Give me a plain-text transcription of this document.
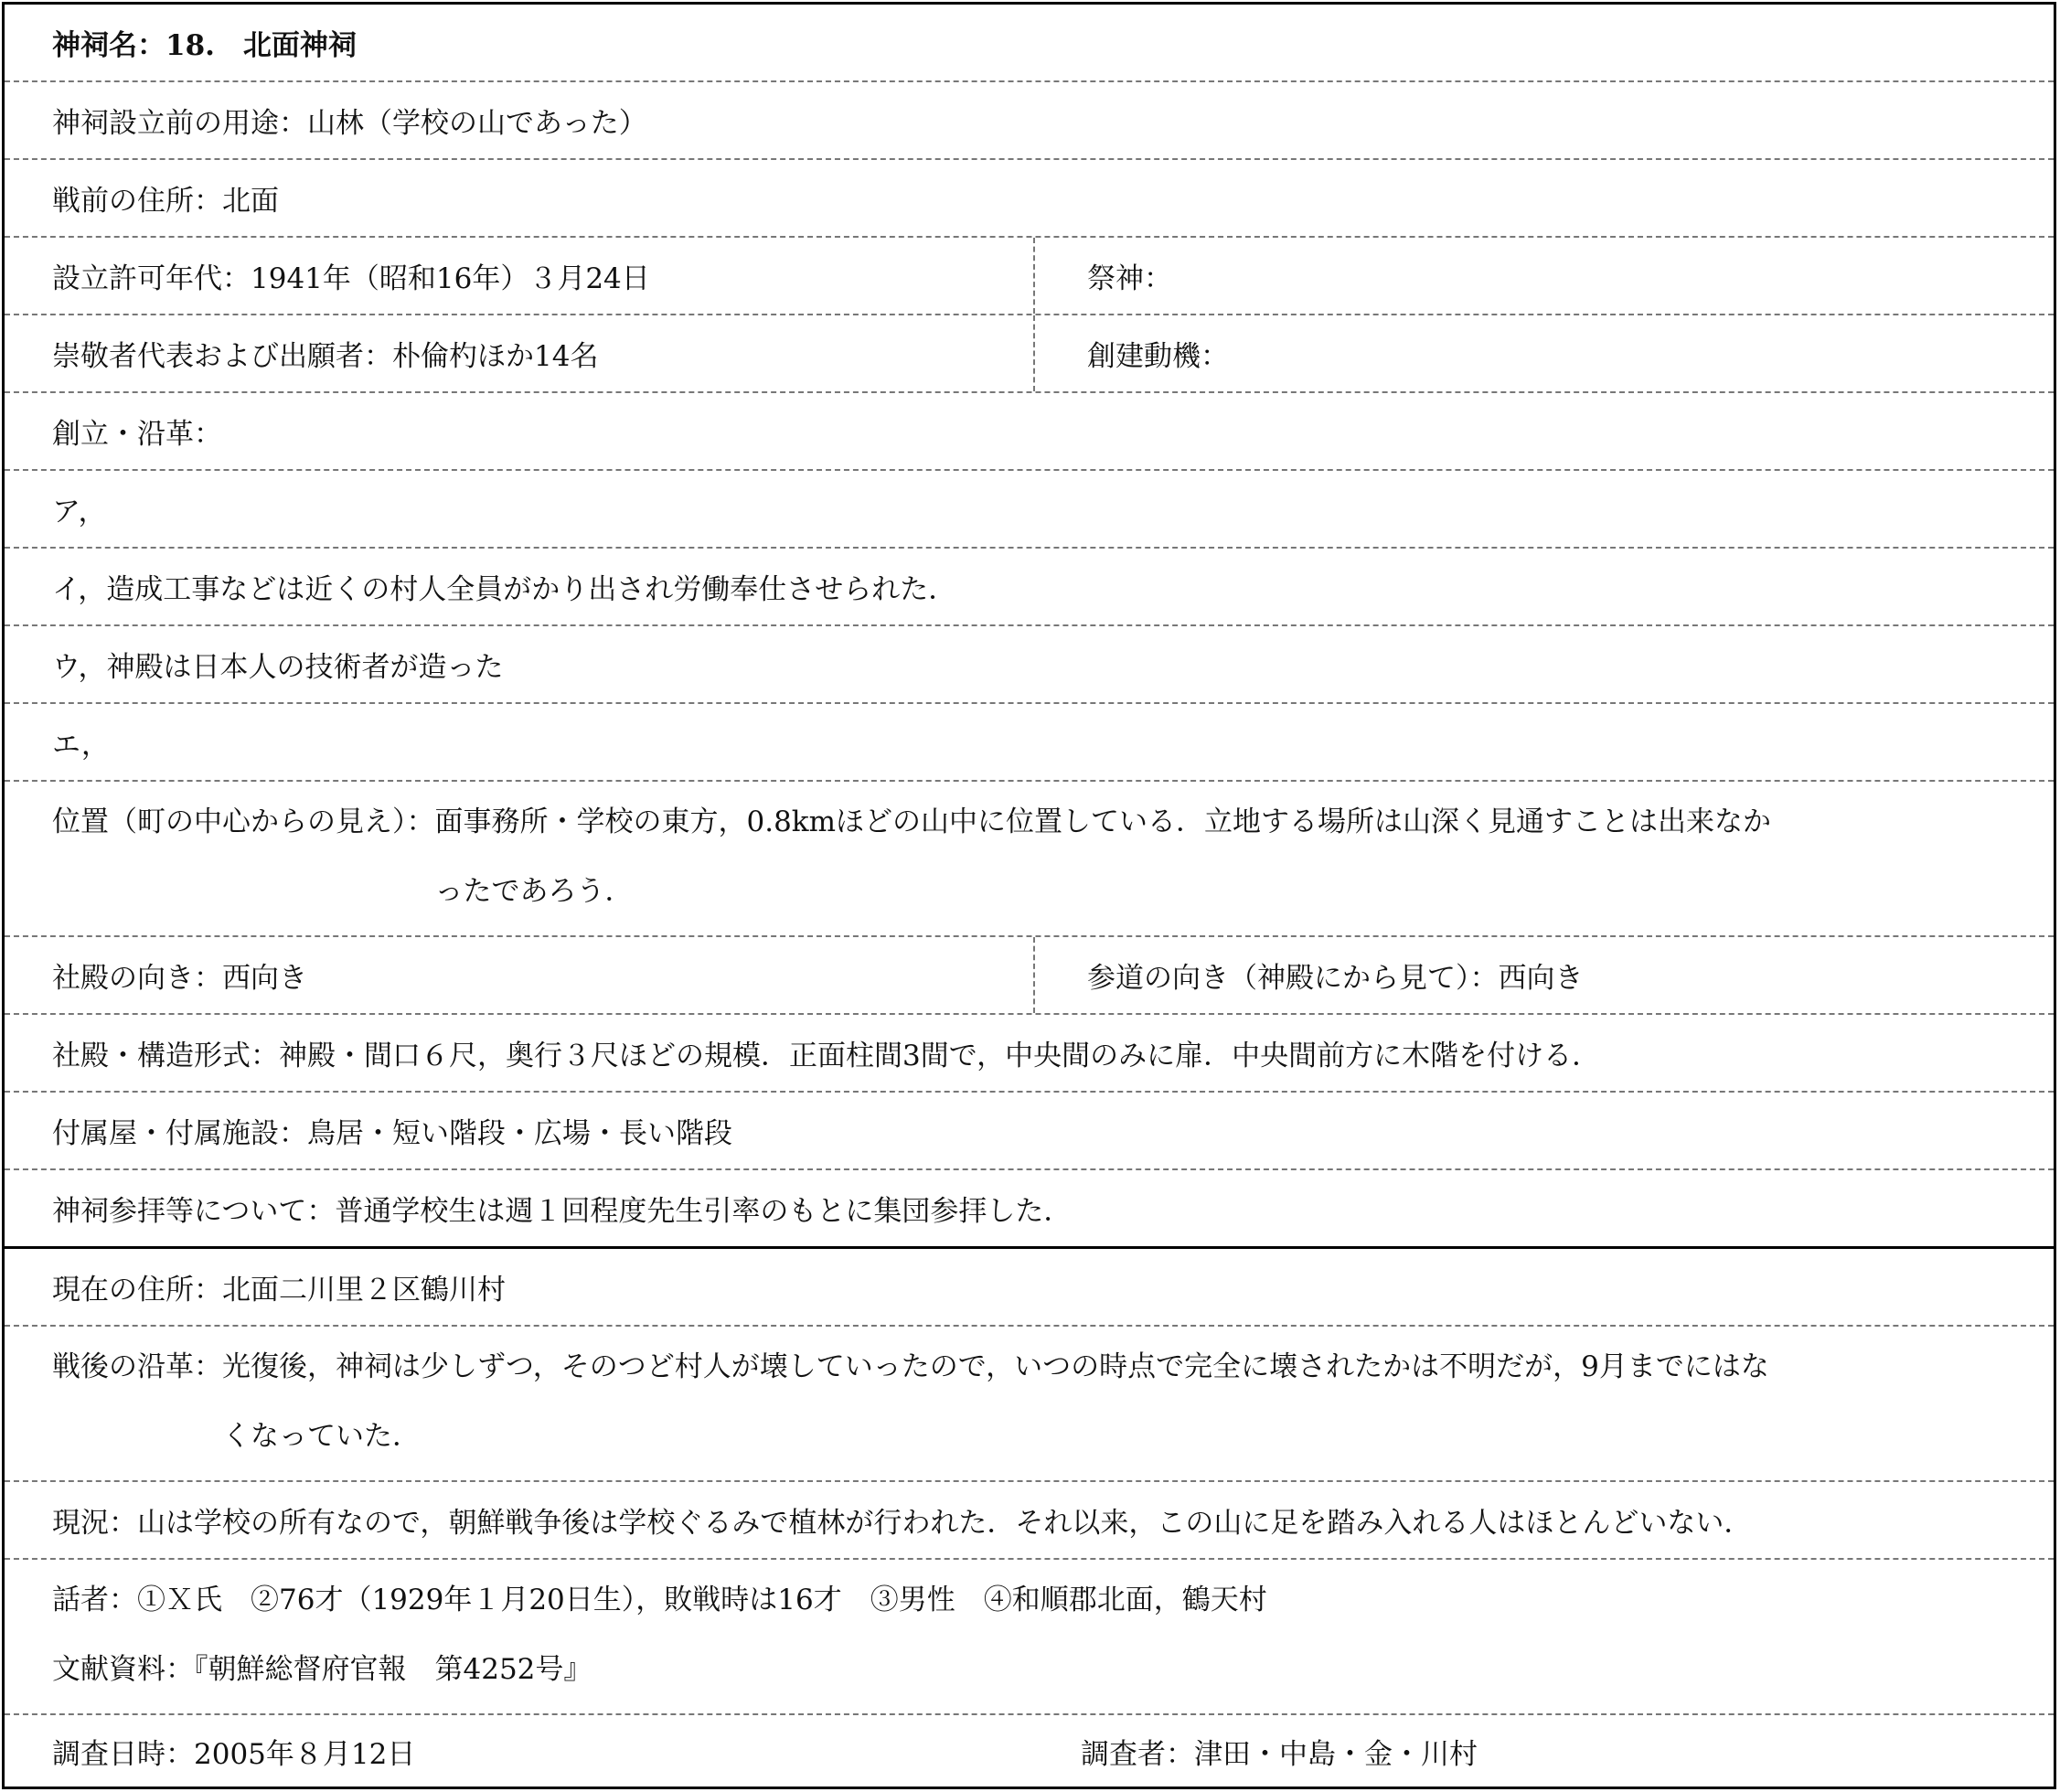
神祠名： 18.　北面神祠
神祠設立前の用途： 山林（学校の山であった）
戦前の住所： 北面
設立許可年代： 1941年（昭和16年）３月24日	祭神：
崇敬者代表および出願者： 朴倫杓ほか14名	創建動機：
創立・沿革：
ア，
イ，造成工事などは近くの村人全員がかり出され労働奉仕させられた．
ウ，神殿は日本人の技術者が造った
エ，
位置（町の中心からの見え）： 面事務所・学校の東方，0.8kmほどの山中に位置している．立地する場所は山深く見通すことは出来なか
ったであろう．
社殿の向き： 西向き	参道の向き（神殿にから見て）： 西向き
社殿・構造形式： 神殿・間口６尺，奥行３尺ほどの規模．正面柱間3間で，中央間のみに扉．中央間前方に木階を付ける．
付属屋・付属施設： 鳥居・短い階段・広場・長い階段
神祠参拝等について： 普通学校生は週１回程度先生引率のもとに集団参拝した．
現在の住所： 北面二川里２区鶴川村
戦後の沿革： 光復後，神祠は少しずつ，そのつど村人が壊していったので，いつの時点で完全に壊されたかは不明だが，9月までにはな
くなっていた．
現況： 山は学校の所有なので，朝鮮戦争後は学校ぐるみで植林が行われた．それ以来，この山に足を踏み入れる人はほとんどいない．
話者：①Ｘ氏　②76才（1929年１月20日生），敗戦時は16才　③男性　④和順郡北面，鶴天村
文献資料：『朝鮮総督府官報　第4252号』
調査日時： 2005年８月12日	調査者： 津田・中島・金・川村
